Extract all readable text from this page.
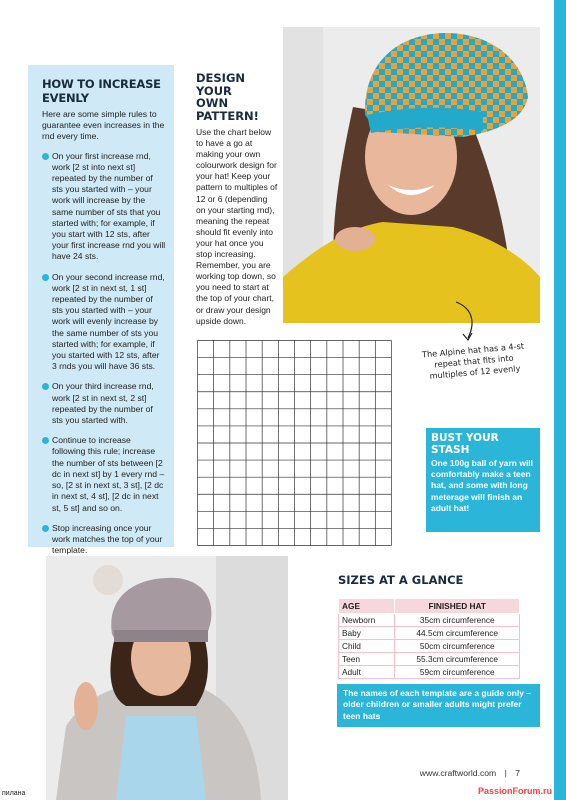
HOW TO INCREASE EVENLY

Here are some simple rules to guarantee even increases in the rnd every time.

On your first increase rnd, work [2 st into next st] repeated by the number of sts you started with – your work will increase by the same number of sts that you started with; for example, if you start with 12 sts, after your first increase rnd you will have 24 sts.
On your second increase rnd, work [2 st in next st, 1 st] repeated by the number of sts you started with – your work will evenly increase by the same number of sts you started with; for example, if you started with 12 sts, after 3 rnds you will have 36 sts.
On your third increase rnd, work [2 st in next st, 2 st] repeated by the number of sts you started with.
Continue to increase following this rule; increase the number of sts between [2 dc in next st] by 1 every rnd – so, [2 st in next st, 3 st], [2 dc in next st, 4 st], [2 dc in next st, 5 st] and so on.
Stop increasing once your work matches the top of your template.
DESIGN YOUR
OWN PATTERN!

Use the chart below to have a go at making your own colourwork design for your hat! Keep your pattern to multiples of 12 or 6 (depending on your starting rnd), meaning the repeat should fit evenly into your hat once you stop increasing. Remember, you are working top down, so you need to start at the top of your chart, or draw your design upside down.

The Alpine hat has a 4-st repeat that fits into multiples of 12 evenly
BUST YOUR STASH

One 100g ball of yarn will comfortably make a teen hat, and some with long meterage will finish an adult hat!

SIZES AT A GLANCE
AGE	FINISHED HAT
Newborn	35cm circumference
Baby	44.5cm circumference
Child	50cm circumference
Teen	55.3cm circumference
Adult	59cm circumference
The names of each template are a guide only – older children or smaller adults might prefer teen hats
www.craftworld.com | 7
PassionForum.ru
пилана
